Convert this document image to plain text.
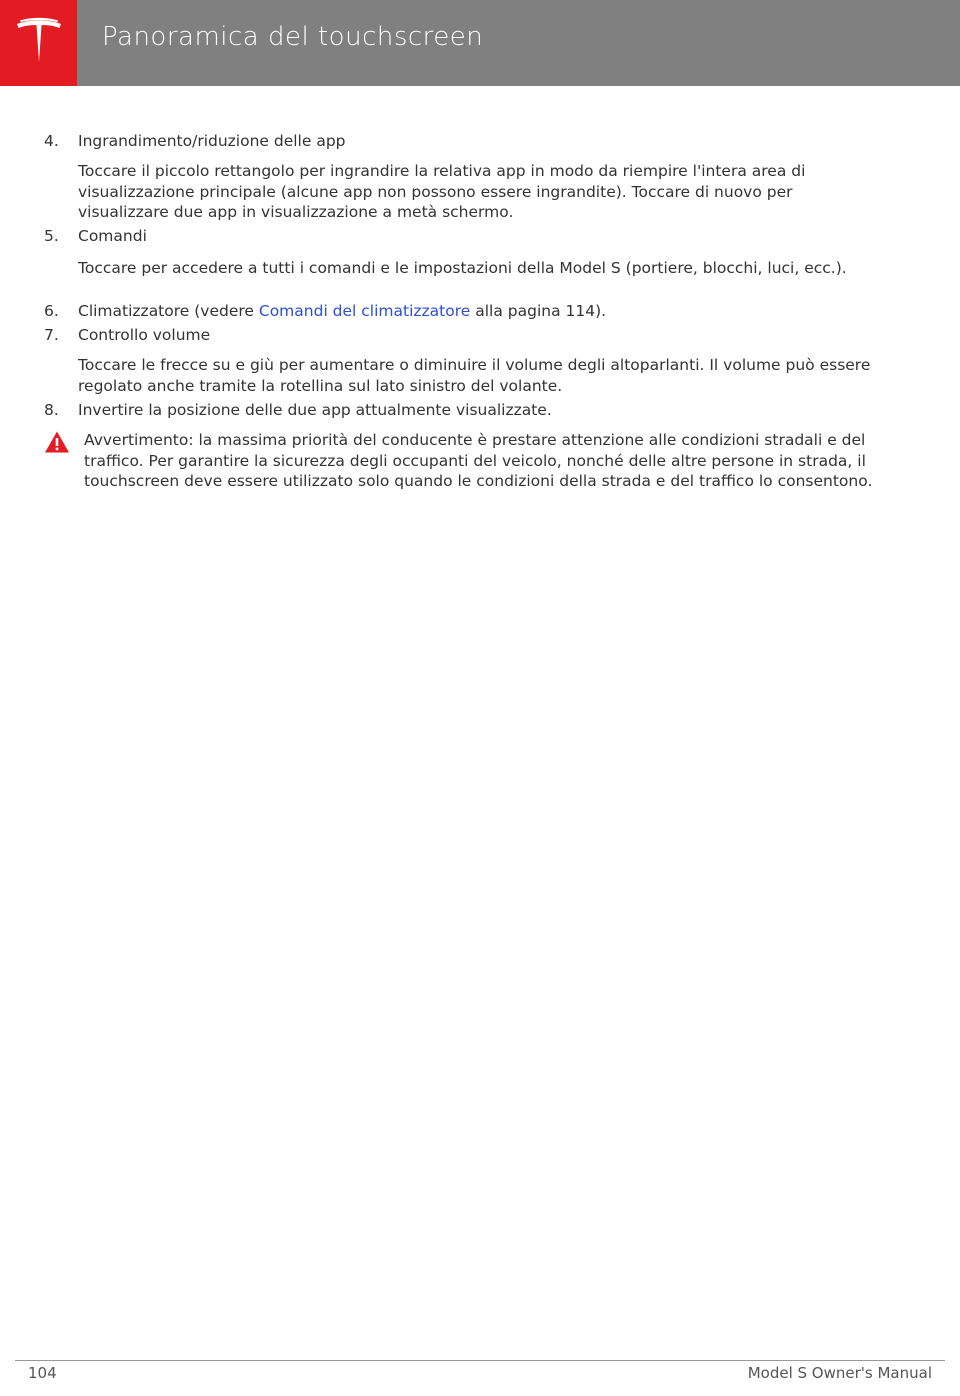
Panoramica del touchscreen
4.	Ingrandimento/riduzione delle app
Toccare il piccolo rettangolo per ingrandire la relativa app in modo da riempire l'intera area di visualizzazione principale (alcune app non possono essere ingrandite). Toccare di nuovo per visualizzare due app in visualizzazione a metà schermo.
5.	Comandi
Toccare per accedere a tutti i comandi e le impostazioni della Model S (portiere, blocchi, luci, ecc.).
6.	Climatizzatore (vedere Comandi del climatizzatore alla pagina 114).
7.	Controllo volume
Toccare le frecce su e giù per aumentare o diminuire il volume degli altoparlanti. Il volume può essere regolato anche tramite la rotellina sul lato sinistro del volante.
8.	Invertire la posizione delle due app attualmente visualizzate.
Avvertimento: la massima priorità del conducente è prestare attenzione alle condizioni stradali e del traffico. Per garantire la sicurezza degli occupanti del veicolo, nonché delle altre persone in strada, il touchscreen deve essere utilizzato solo quando le condizioni della strada e del traffico lo consentono.
104	Model S Owner's Manual
